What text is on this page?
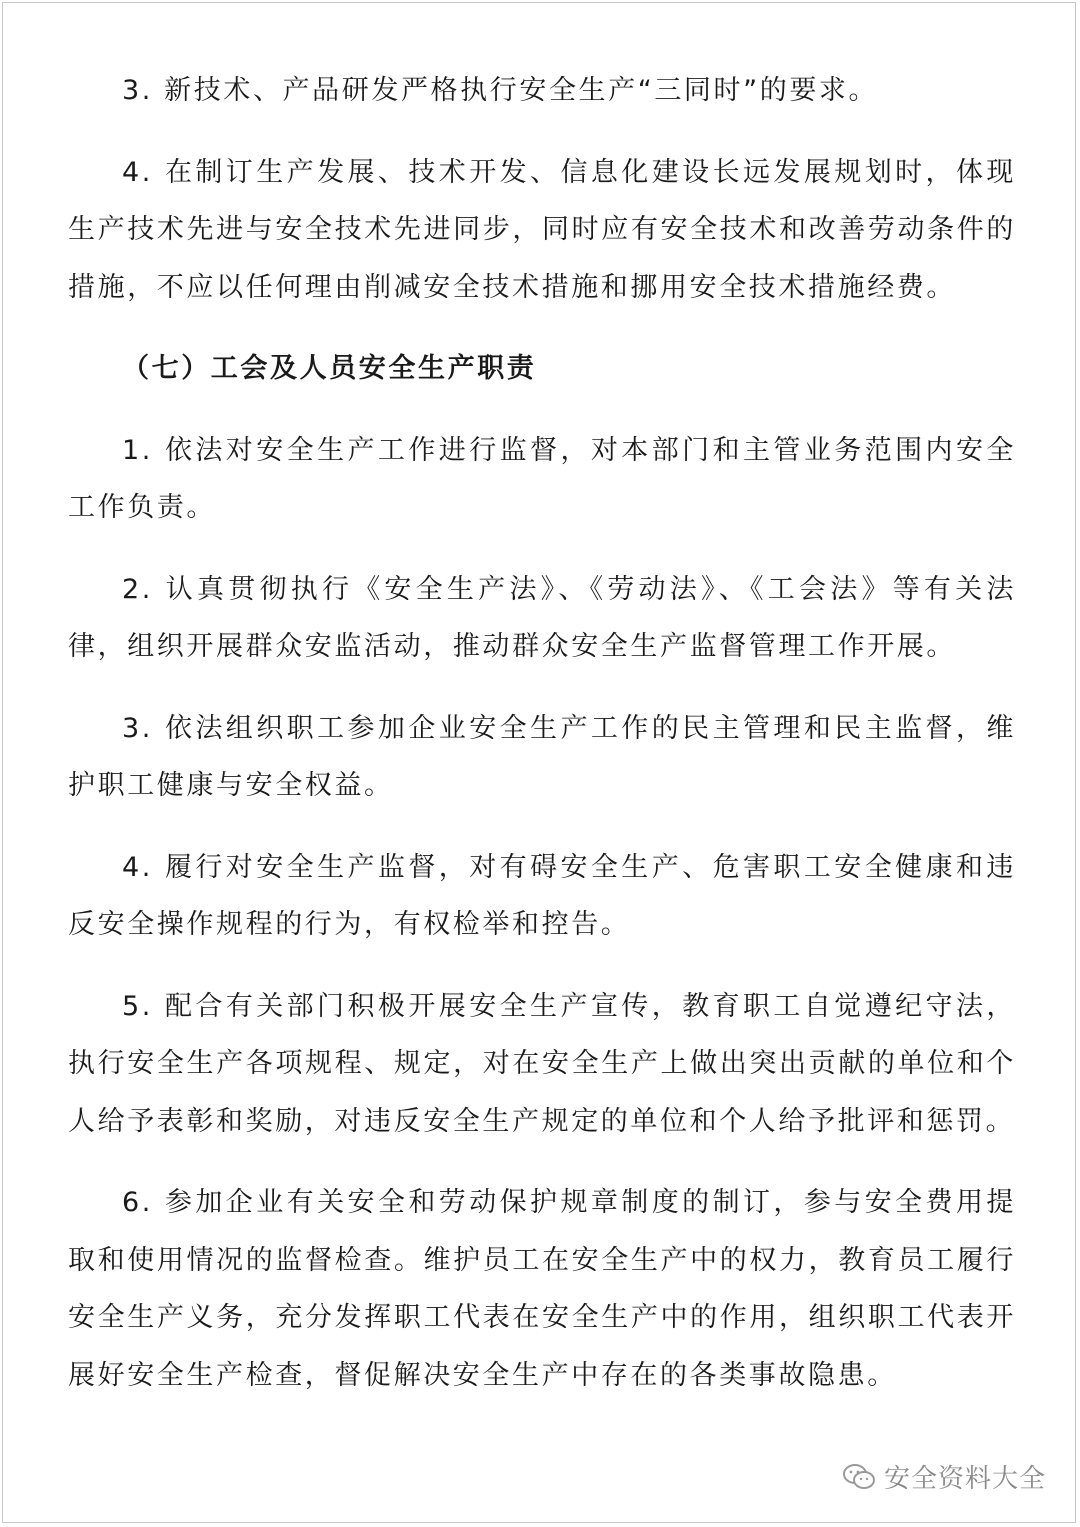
3. 新技术、产品研发严格执行安全生产“三同时”的要求。

4. 在制订生产发展、技术开发、信息化建设长远发展规划时，体现生产技术先进与安全技术先进同步，同时应有安全技术和改善劳动条件的措施，不应以任何理由削减安全技术措施和挪用安全技术措施经费。

（七）工会及人员安全生产职责

1. 依法对安全生产工作进行监督，对本部门和主管业务范围内安全工作负责。

2. 认真贯彻执行《安全生产法》、《劳动法》、《工会法》等有关法律，组织开展群众安监活动，推动群众安全生产监督管理工作开展。

3. 依法组织职工参加企业安全生产工作的民主管理和民主监督，维护职工健康与安全权益。

4. 履行对安全生产监督，对有碍安全生产、危害职工安全健康和违反安全操作规程的行为，有权检举和控告。

5. 配合有关部门积极开展安全生产宣传，教育职工自觉遵纪守法，执行安全生产各项规程、规定，对在安全生产上做出突出贡献的单位和个人给予表彰和奖励，对违反安全生产规定的单位和个人给予批评和惩罚。

6. 参加企业有关安全和劳动保护规章制度的制订，参与安全费用提取和使用情况的监督检查。维护员工在安全生产中的权力，教育员工履行安全生产义务，充分发挥职工代表在安全生产中的作用，组织职工代表开展好安全生产检查，督促解决安全生产中存在的各类事故隐患。

安全资料大全
